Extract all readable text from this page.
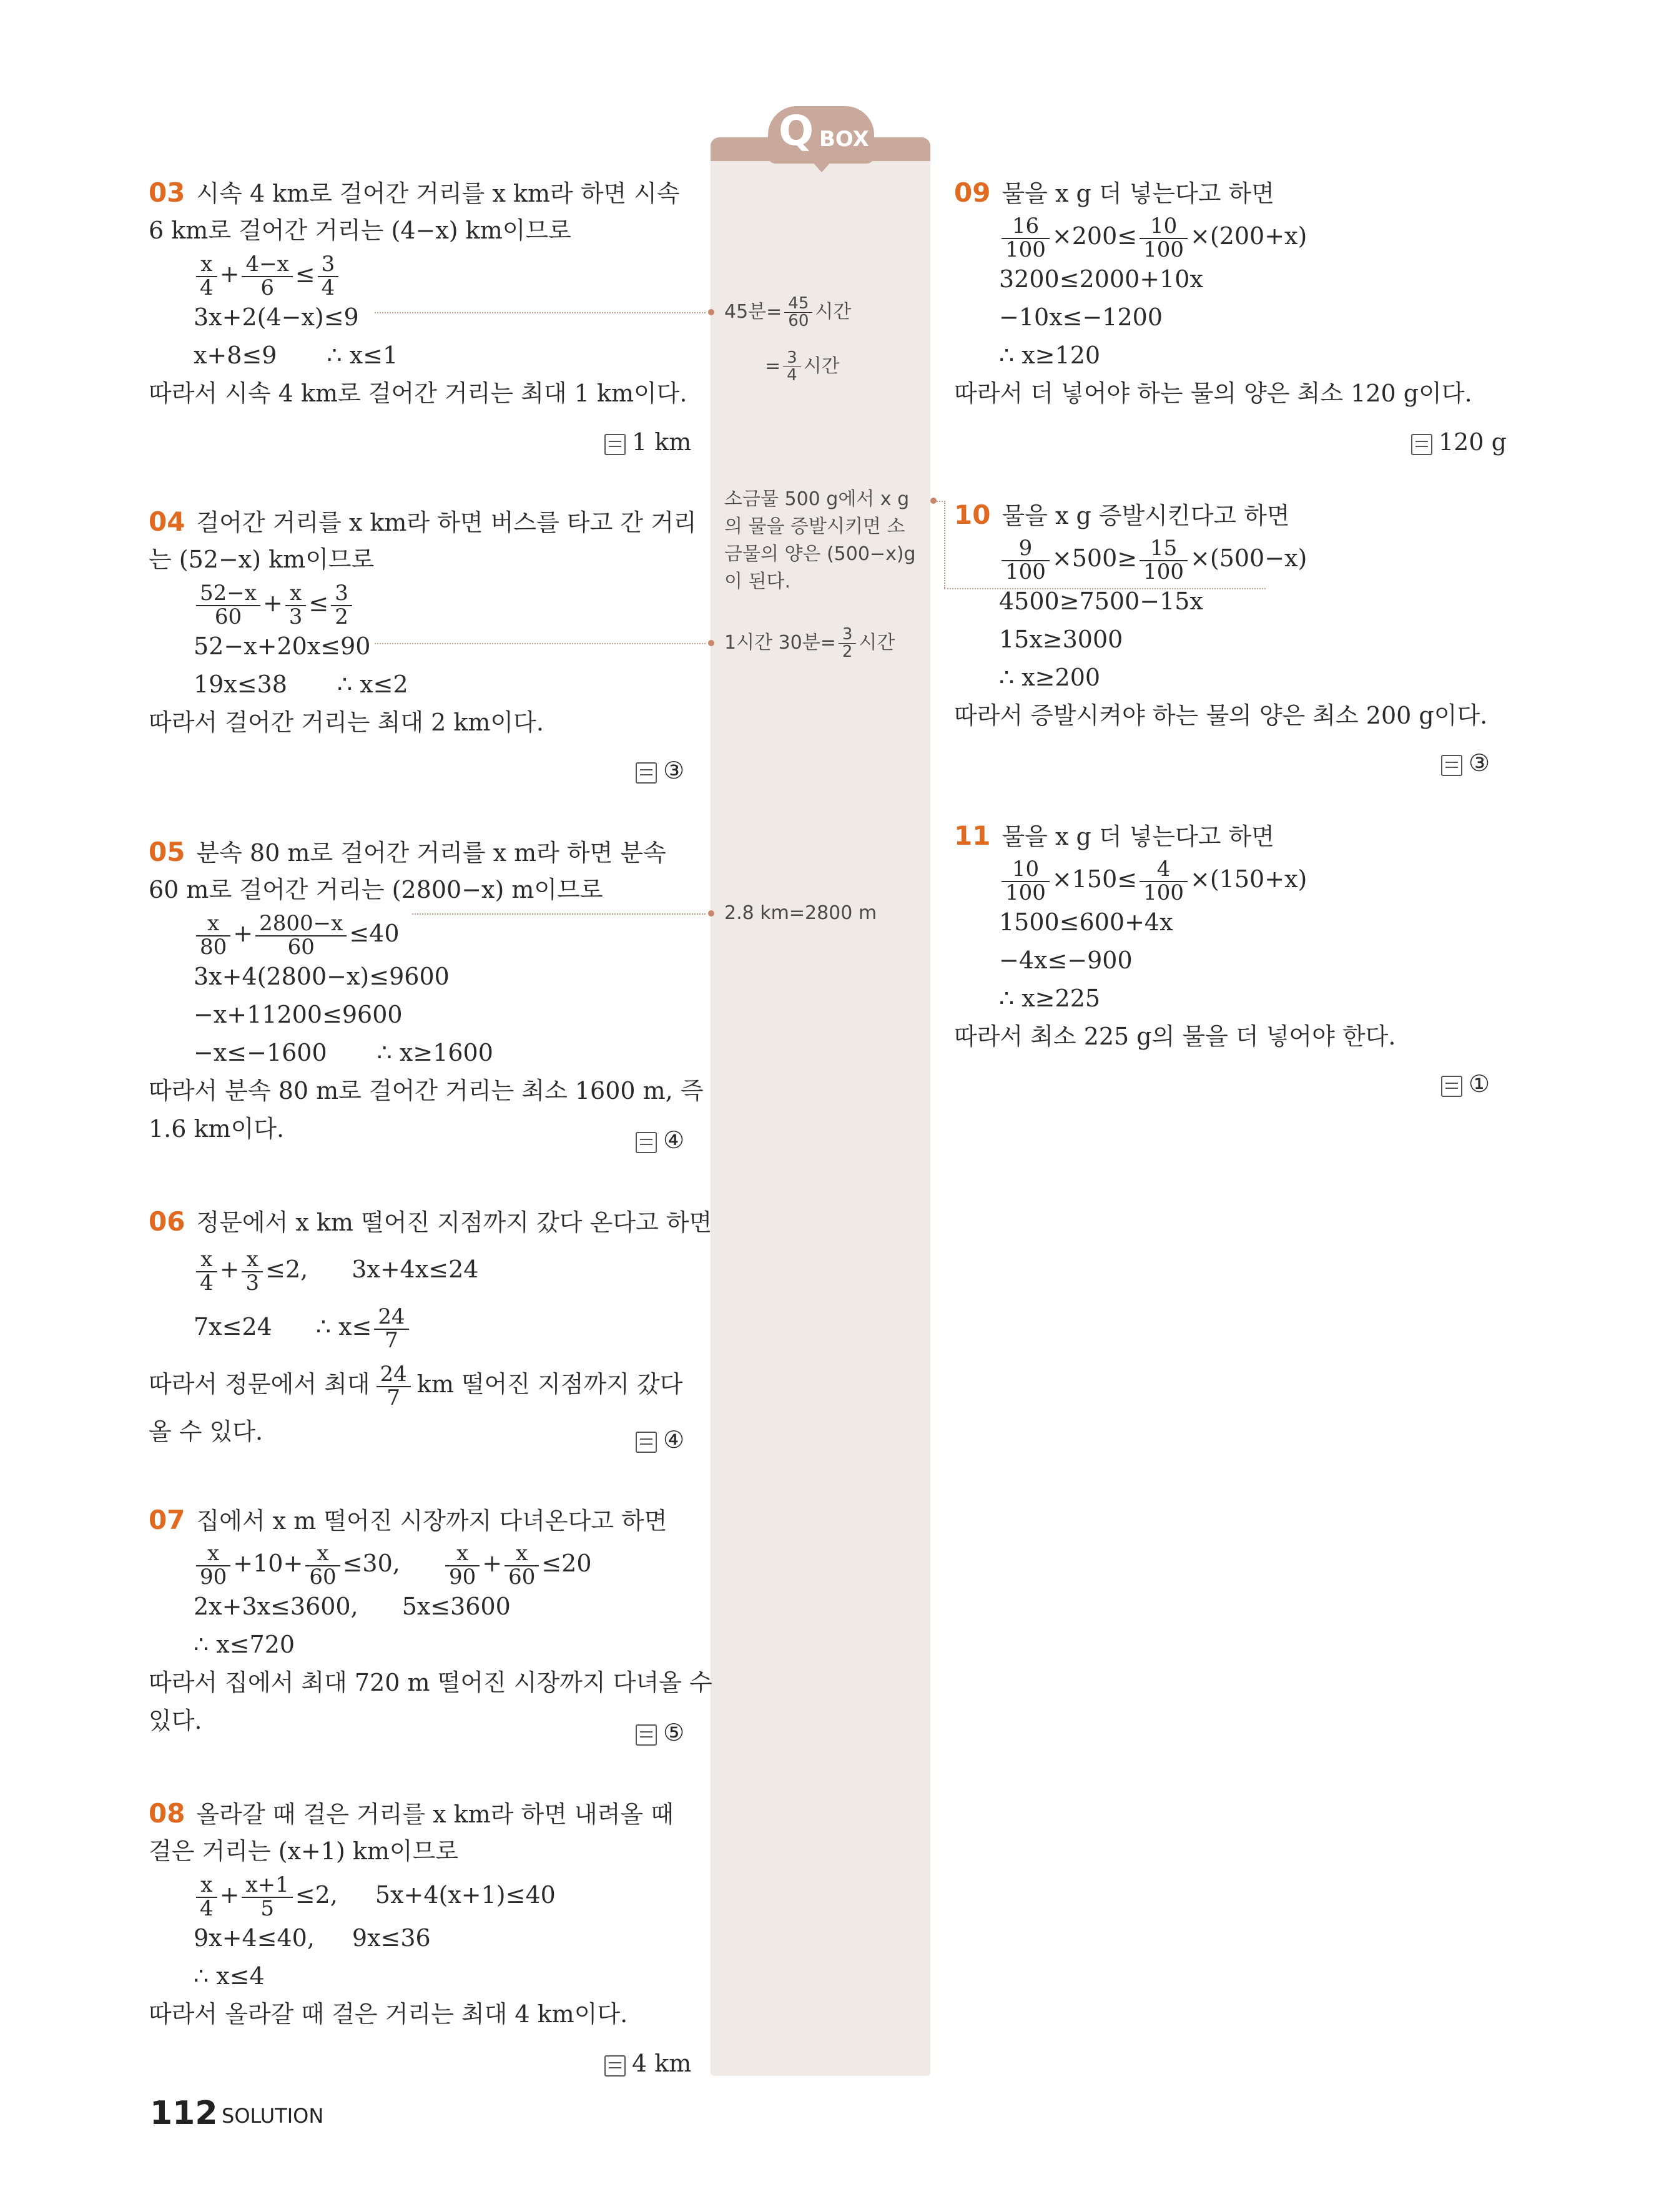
Q BOX
03 시속 4 km로 걸어간 거리를 x km라 하면 시속
6 km로 걸어간 거리는 (4−x) km이므로
$\frac{x}{4} + \frac{4-x}{6} \le \frac{3}{4}$
3x+2(4−x)≤9
x+8≤9 ∴ x≤1
따라서 시속 4 km로 걸어간 거리는 최대 1 km이다.
1 km
04 걸어간 거리를 x km라 하면 버스를 타고 간 거리
는 (52−x) km이므로
$\frac{52-x}{60} + \frac{x}{3} \le \frac{3}{2}$
52−x+20x≤90
19x≤38 ∴ x≤2
따라서 걸어간 거리는 최대 2 km이다.
③
05 분속 80 m로 걸어간 거리를 x m라 하면 분속
60 m로 걸어간 거리는 (2800−x) m이므로
$\frac{x}{80} + \frac{2800-x}{60} \le 40$
3x+4(2800−x)≤9600
−x+11200≤9600
−x≤−1600 ∴ x≥1600
따라서 분속 80 m로 걸어간 거리는 최소 1600 m, 즉
1.6 km이다.	④
06 정문에서 x km 떨어진 지점까지 갔다 온다고 하면
$\frac{x}{4} + \frac{x}{3} \le 2$, 3x+4x≤24
7x≤24 ∴ $x\le \frac{24}{7}$
따라서 정문에서 최대 $\frac{24}{7}$ km 떨어진 지점까지 갔다
올 수 있다.	④
07 집에서 x m 떨어진 시장까지 다녀온다고 하면
$\frac{x}{90} +10+ \frac{x}{60} \le 30$, $\frac{x}{90} + \frac{x}{60} \le 20$
2x+3x≤3600, 5x≤3600
∴ x≤720
따라서 집에서 최대 720 m 떨어진 시장까지 다녀올 수
있다.	⑤
08 올라갈 때 걸은 거리를 x km라 하면 내려올 때
걸은 거리는 (x+1) km이므로
$\frac{x}{4} + \frac{x+1}{5} \le 2$, 5x+4(x+1)≤40
9x+4≤40, 9x≤36
∴ x≤4
따라서 올라갈 때 걸은 거리는 최대 4 km이다.
4 km
09 물을 x g 더 넣는다고 하면
$\frac{16}{100} \times 200\le \frac{10}{100} \times(200+x)$
3200≤2000+10x
−10x≤−1200
∴ x≥120
따라서 더 넣어야 하는 물의 양은 최소 120 g이다.
120 g
10 물을 x g 증발시킨다고 하면
$\frac{9}{100} \times 500\ge \frac{15}{100} \times(500-x)$
4500≥7500−15x
15x≥3000
∴ x≥200
따라서 증발시켜야 하는 물의 양은 최소 200 g이다.
③
11 물을 x g 더 넣는다고 하면
$\frac{10}{100} \times 150\le \frac{4}{100} \times(150+x)$
1500≤600+4x
−4x≤−900
∴ x≥225
따라서 최소 225 g의 물을 더 넣어야 한다.
①
45분= $\frac{45}{60}$ 시간
= $\frac{3}{4}$ 시간
소금물 500 g에서 x g
의 물을 증발시키면 소
금물의 양은 (500−x)g
이 된다.
1시간 30분= $\frac{3}{2}$ 시간
2.8 km=2800 m
112 SOLUTION
